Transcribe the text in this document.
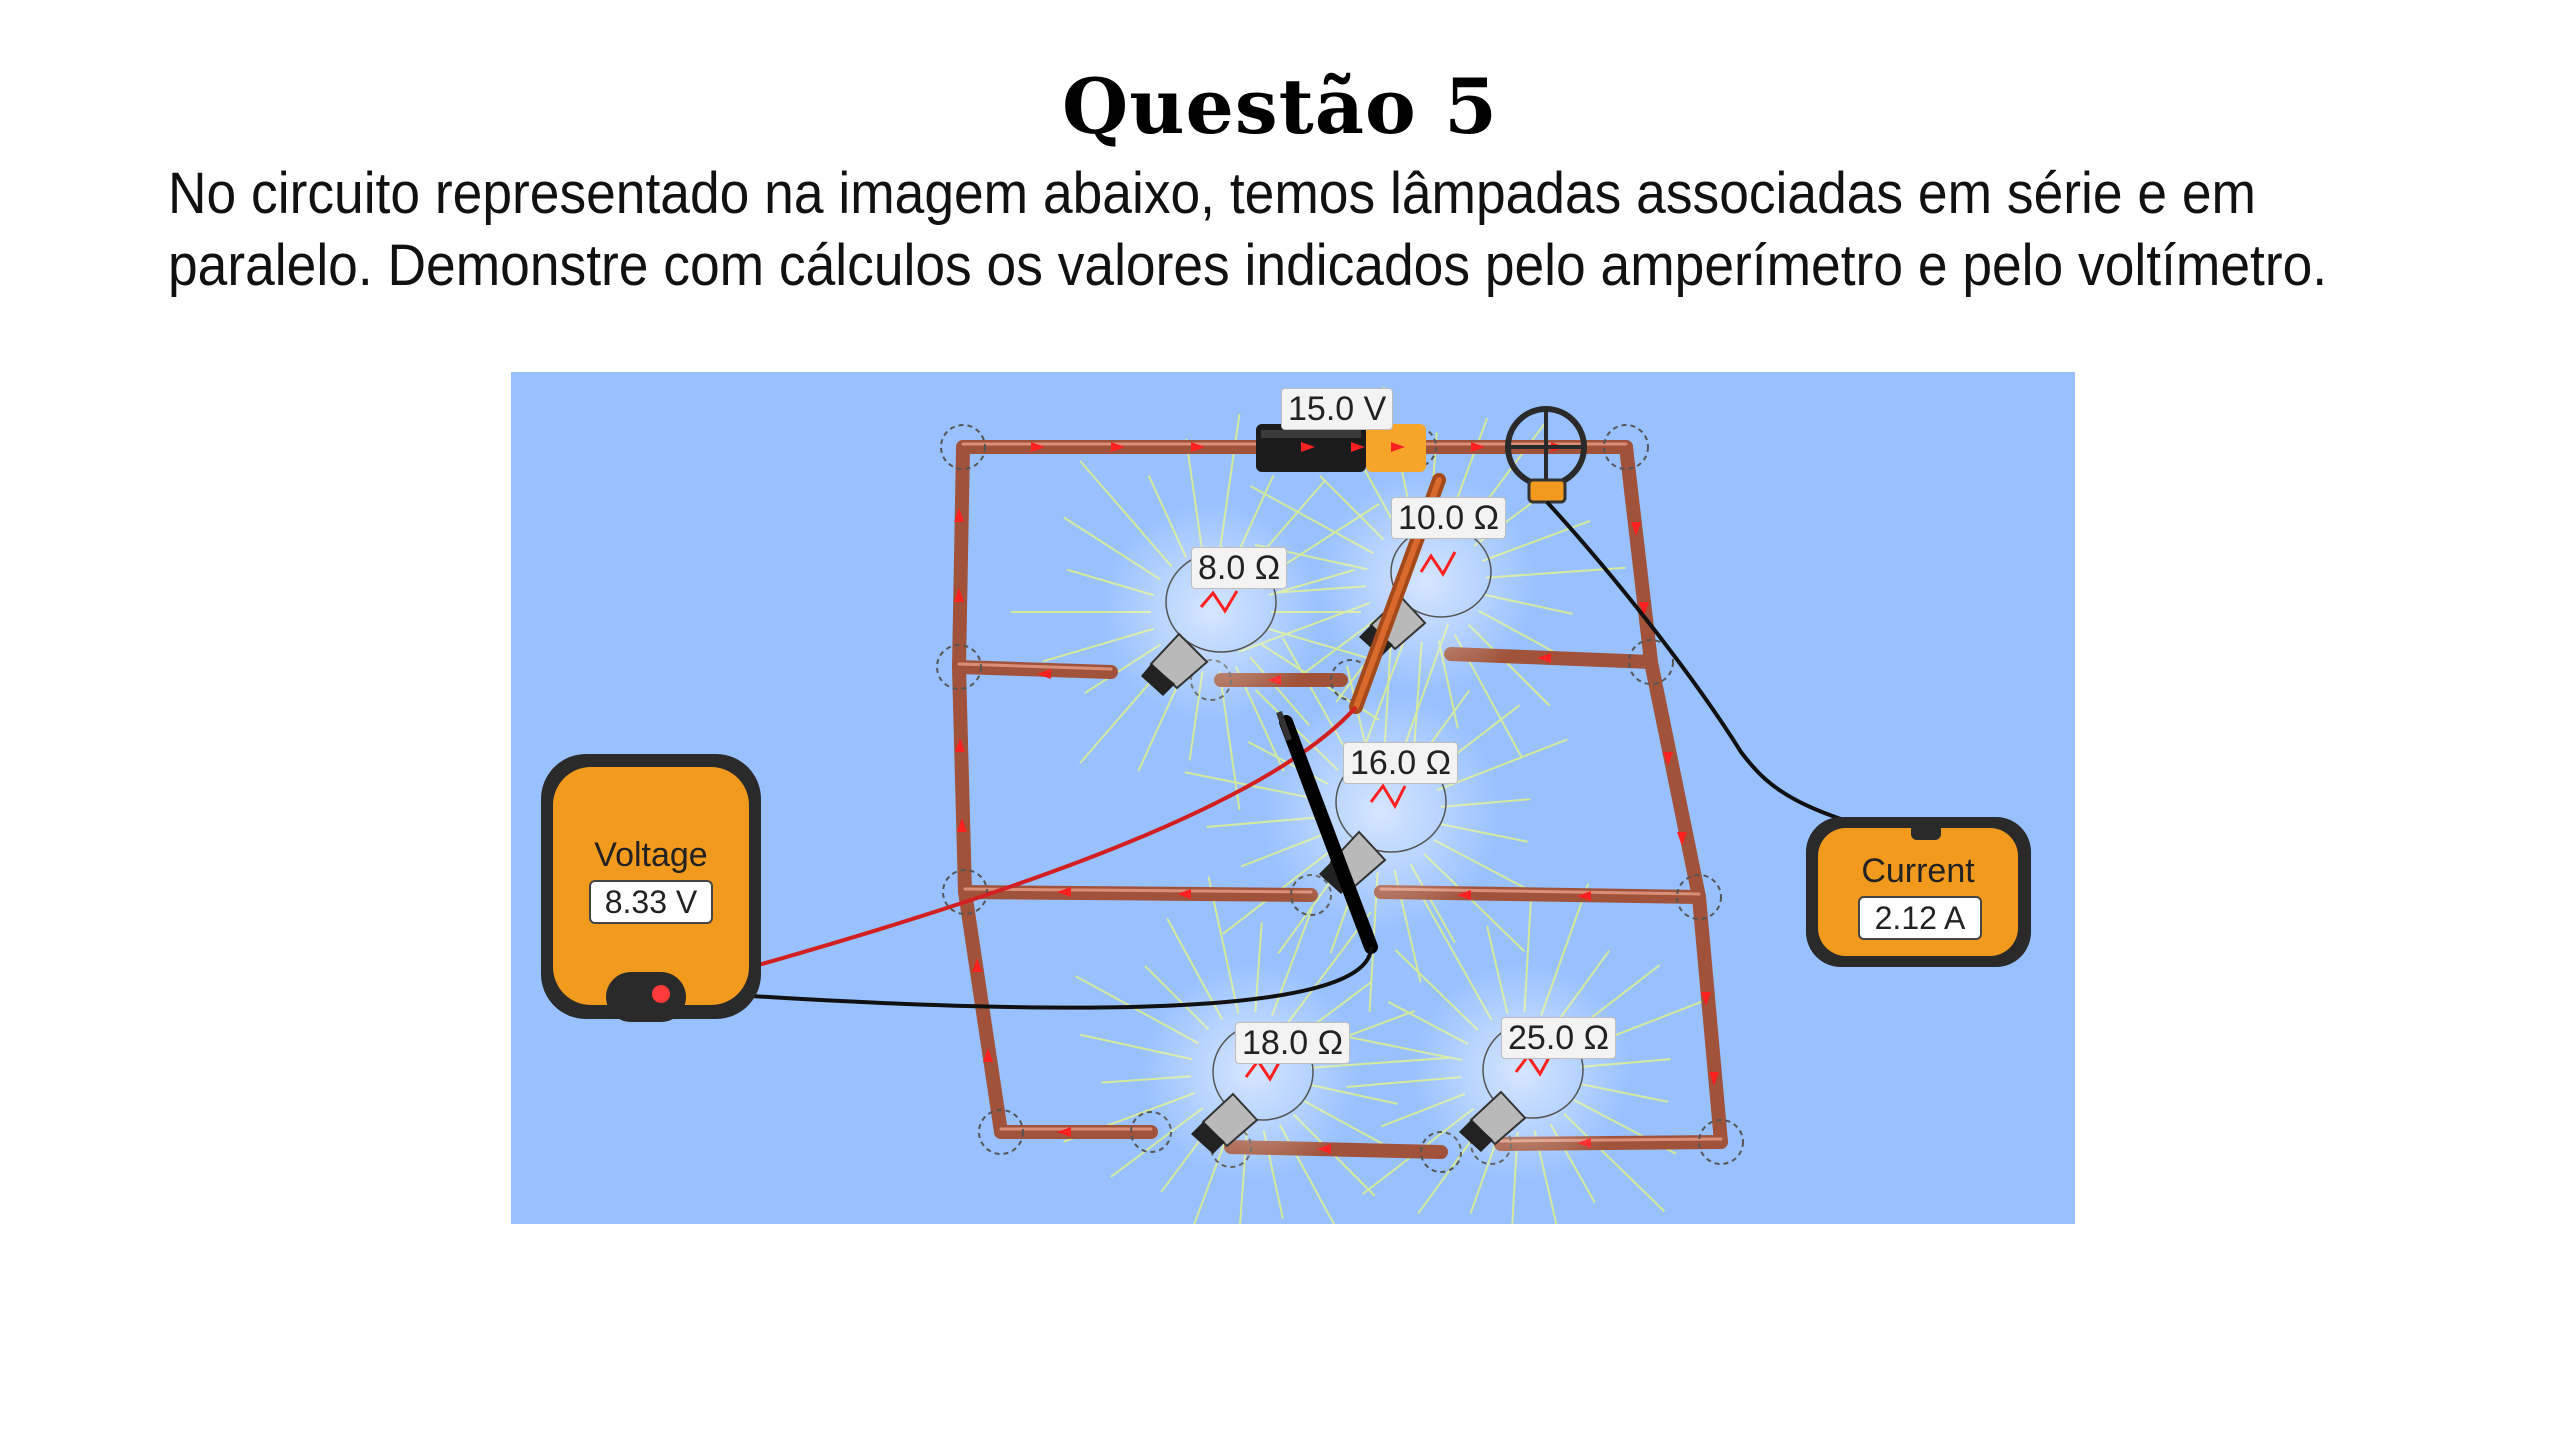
Questão 5
No circuito representado na imagem abaixo, temos lâmpadas associadas em série e em
paralelo. Demonstre com cálculos os valores indicados pelo amperímetro e pelo voltímetro.
15.0 V
8.0 Ω
10.0 Ω
16.0 Ω
18.0 Ω	25.0 Ω
Voltage
8.33 V
Current
2.12 A
